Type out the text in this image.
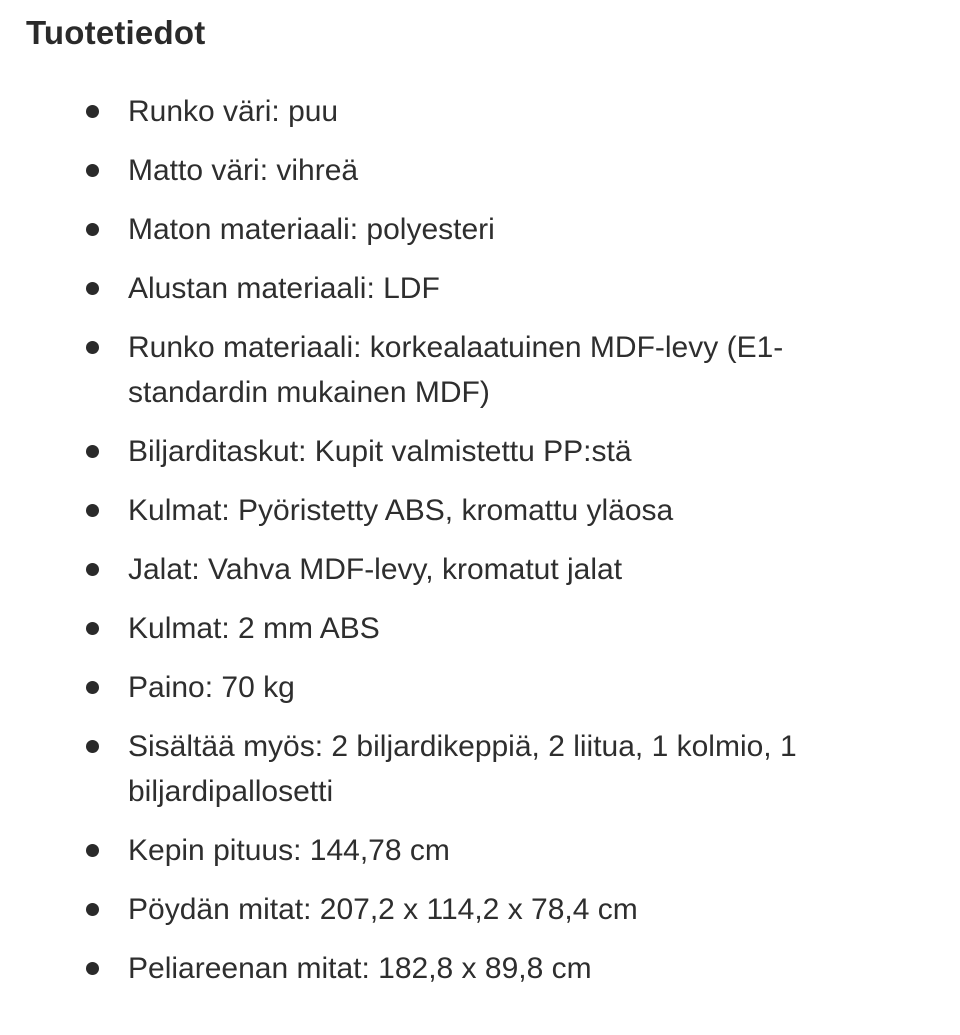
Tuotetiedot
Runko väri: puu
Matto väri: vihreä
Maton materiaali: polyesteri
Alustan materiaali: LDF
Runko materiaali: korkealaatuinen MDF-levy (E1-standardin mukainen MDF)
Biljarditaskut: Kupit valmistettu PP:stä
Kulmat: Pyöristetty ABS, kromattu yläosa
Jalat: Vahva MDF-levy, kromatut jalat
Kulmat: 2 mm ABS
Paino: 70 kg
Sisältää myös: 2 biljardikeppiä, 2 liitua, 1 kolmio, 1 biljardipallosetti
Kepin pituus: 144,78 cm
Pöydän mitat: 207,2 x 114,2 x 78,4 cm
Peliareenan mitat: 182,8 x 89,8 cm
